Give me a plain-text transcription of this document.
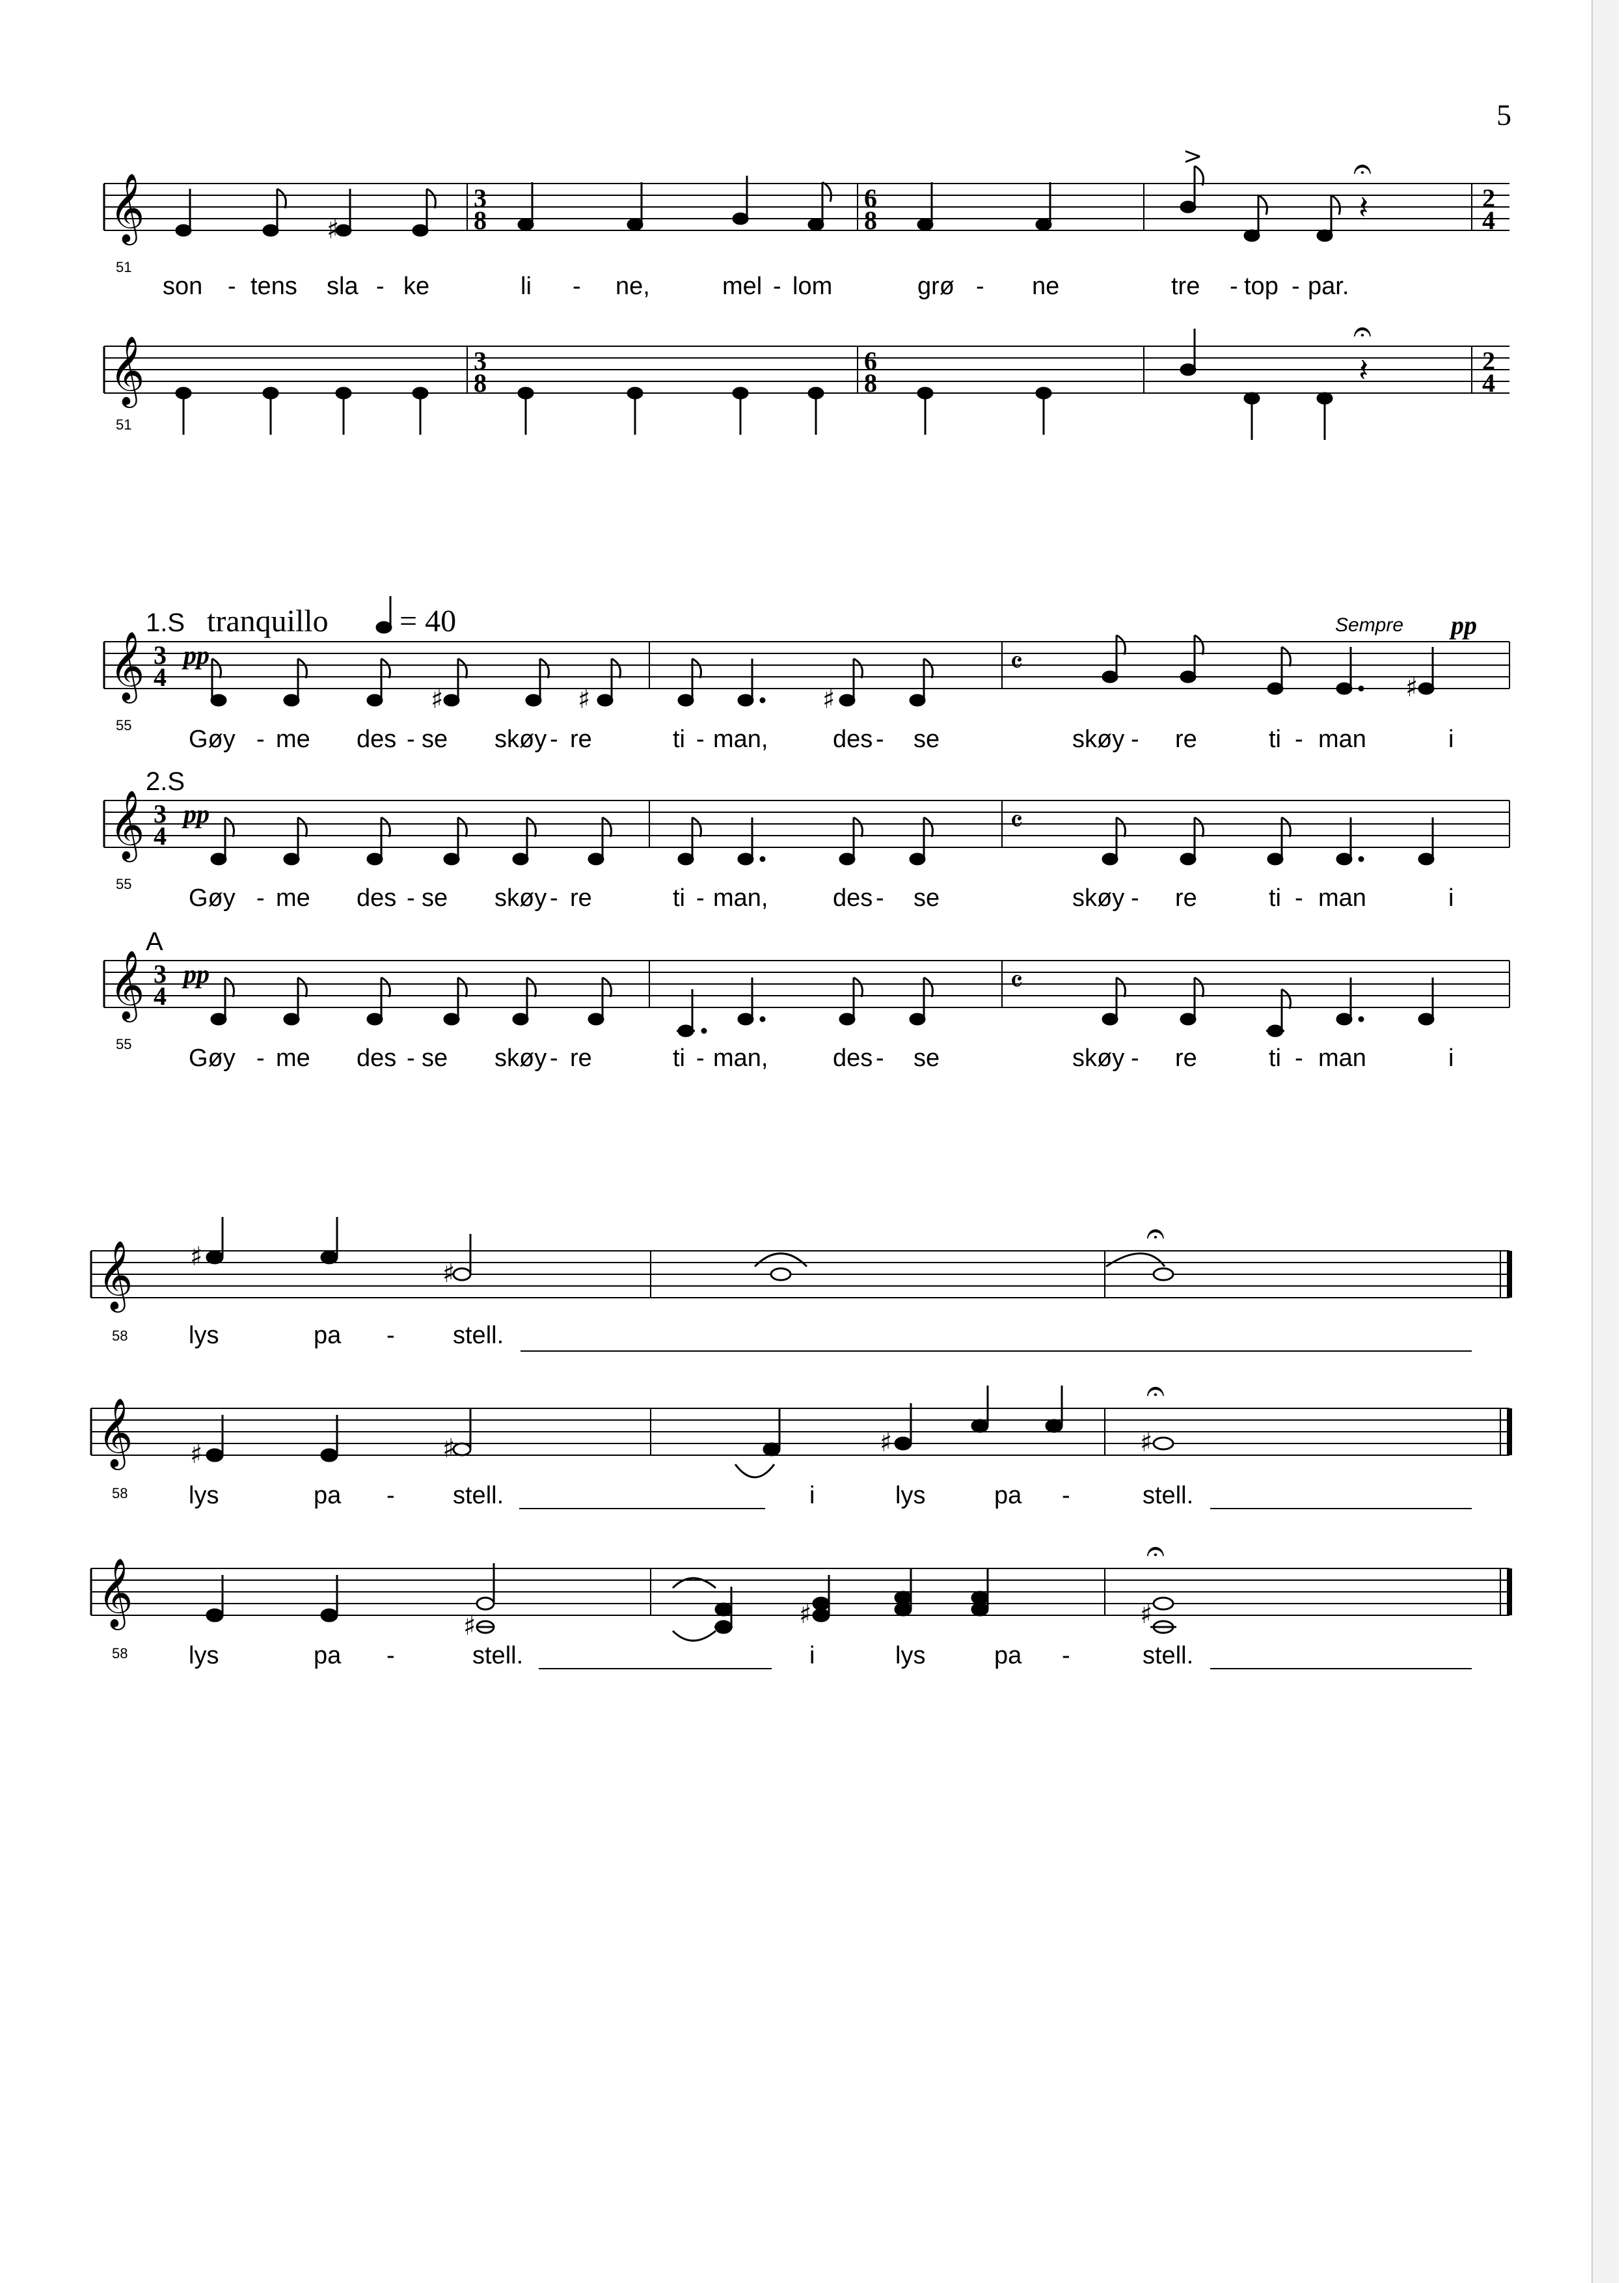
5
𝄞
𝄞
51
51
3
8
6
8
2
4
3
8
6
8
2
4
♯
>	𝄐
𝄽
𝄐
𝄽
son - tens sla - ke	li - ne,	mel - lom	grø - ne	tre - top - par.
1.S tranquillo = 40	Sempre pp
2.S
A
𝄞
𝄞
𝄞
3
4
3
4
3
4
𝄴
𝄴
𝄴
pp
pp
pp
♯	♯	♯	♯
Gøy - me des - se skøy - re	ti - man,	des - se	skøy - re	ti - man	i
Gøy - me des - se skøy - re	ti - man,	des - se	skøy - re	ti - man	i
Gøy - me des - se skøy - re	ti - man,	des - se	skøy - re	ti - man	i
55
55
55
𝄞
𝄞
𝄞
58
58
58
♯
♯
𝄐
♯	♯	♯	♯
𝄐
♯	♯	♯
𝄐
lys	pa - stell.
lys	pa - stell.	i	lys	pa -	stell.
lys	pa -	stell.	i	lys	pa -	stell.
